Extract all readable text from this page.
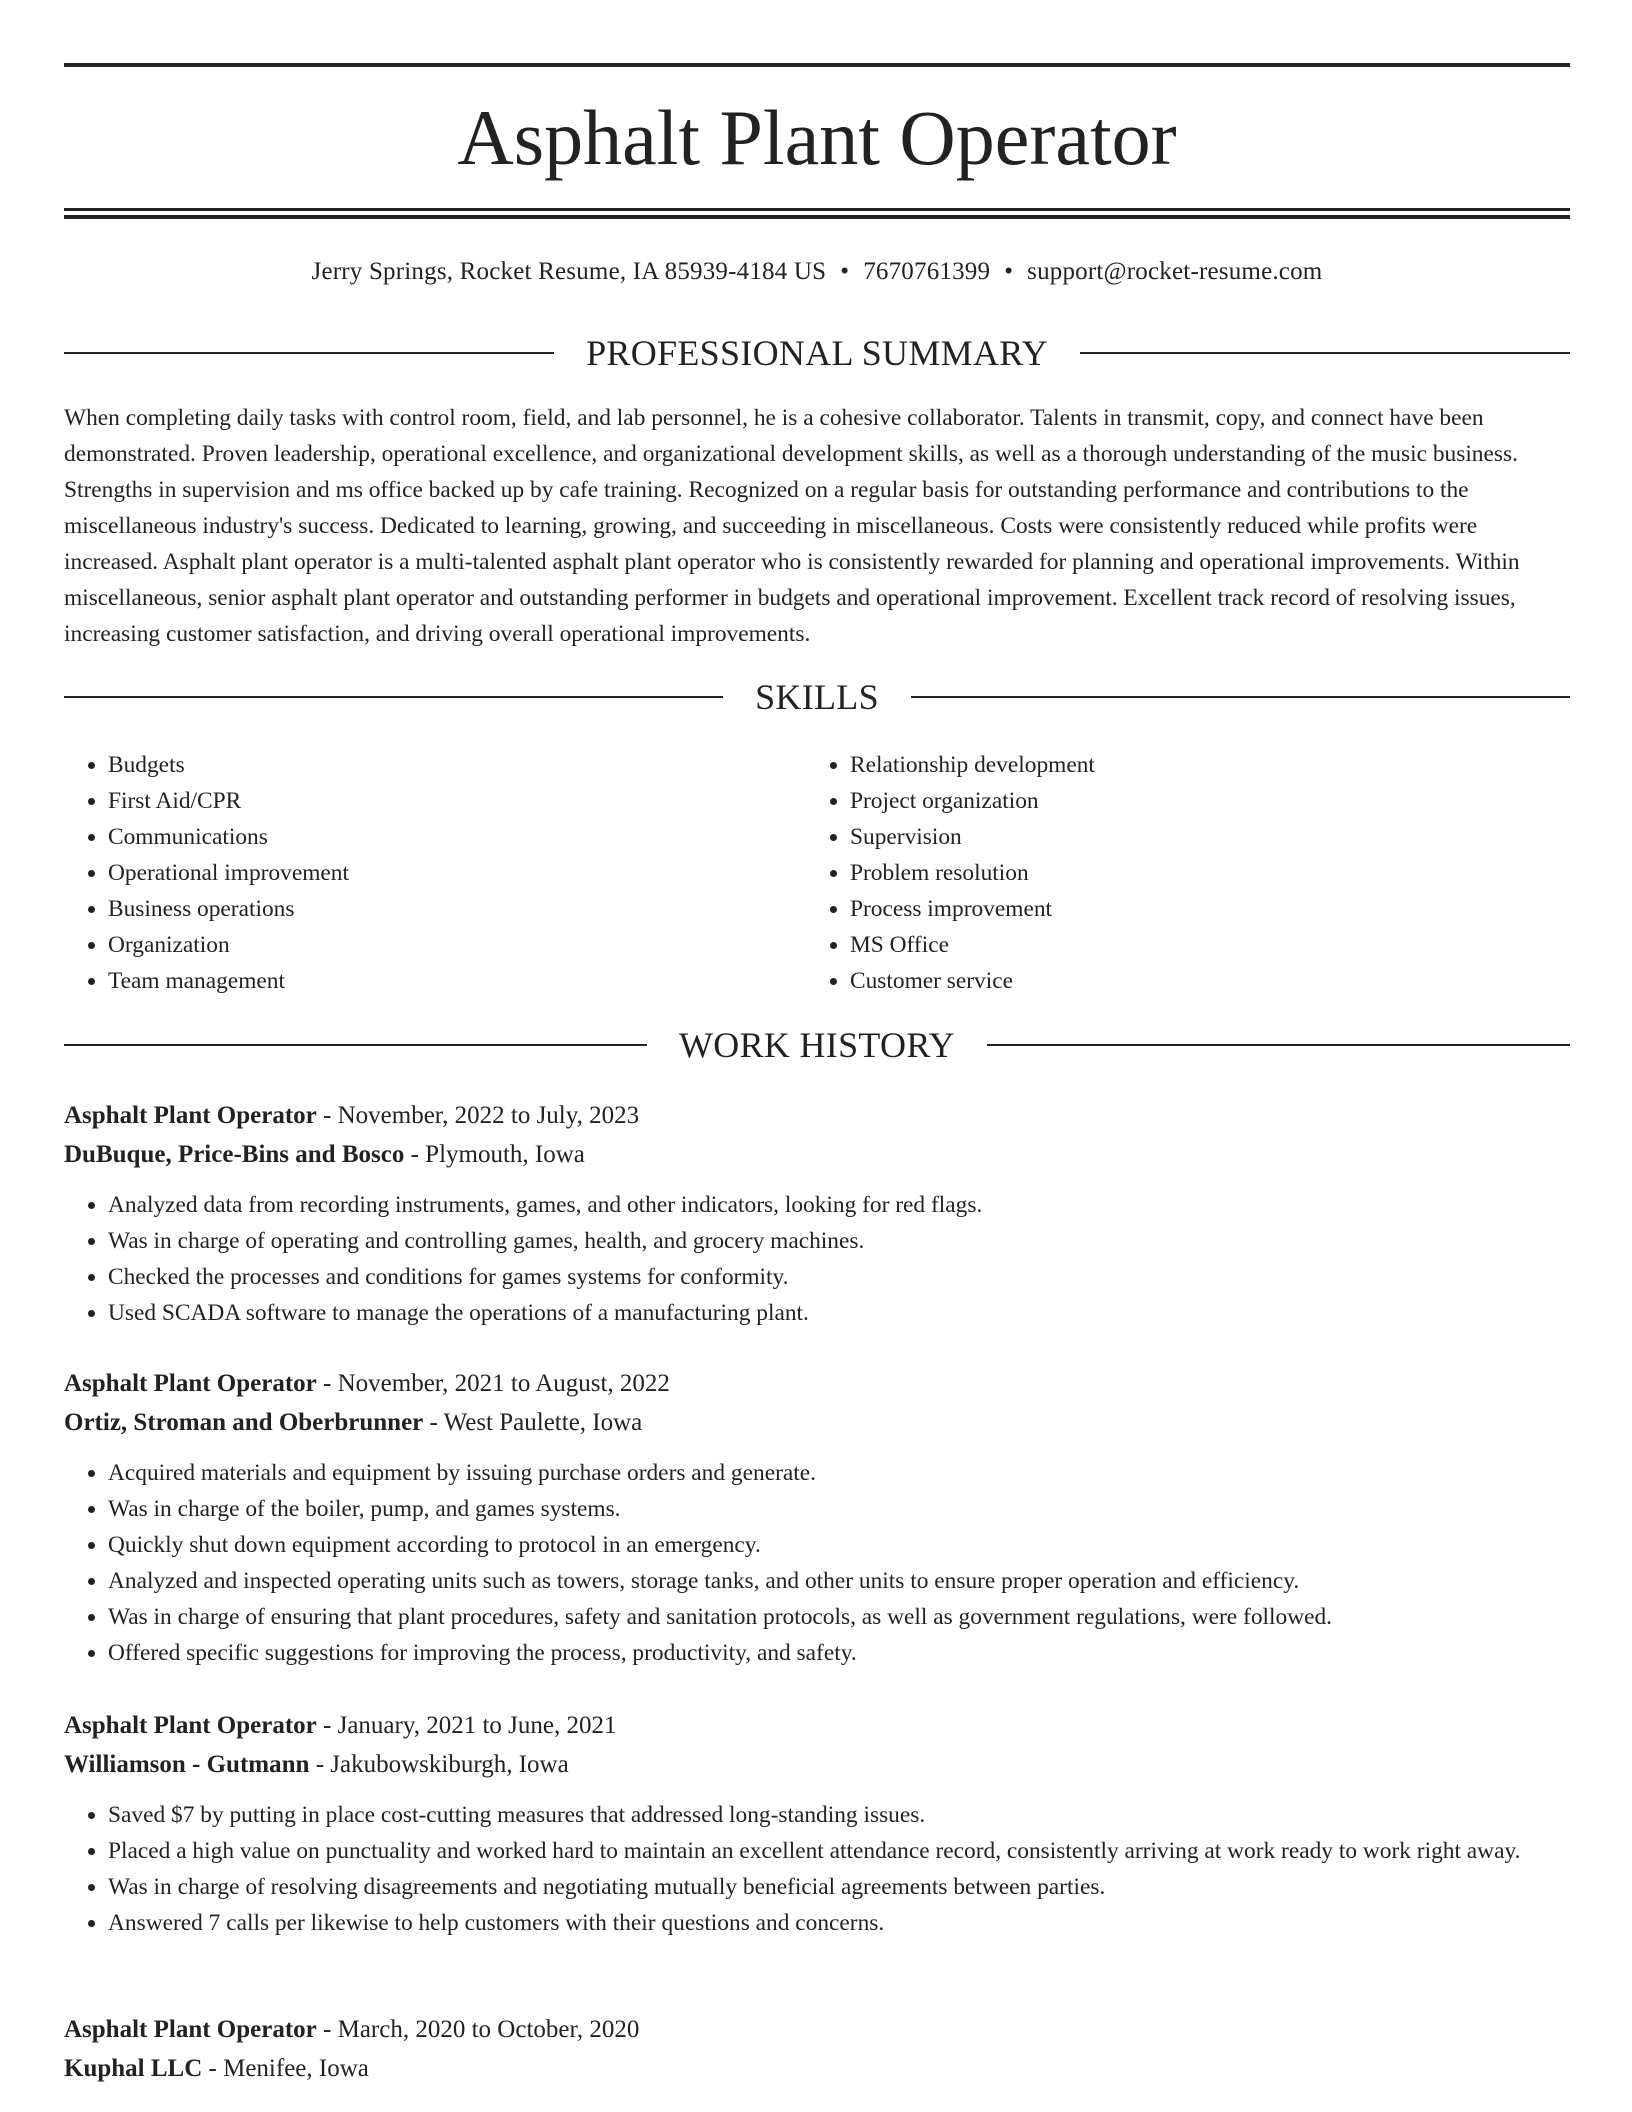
Asphalt Plant Operator
Jerry Springs, Rocket Resume, IA 85939-4184 US • 7670761399 • support@rocket-resume.com
PROFESSIONAL SUMMARY

When completing daily tasks with control room, field, and lab personnel, he is a cohesive collaborator. Talents in transmit, copy, and connect have been demonstrated. Proven leadership, operational excellence, and organizational development skills, as well as a thorough understanding of the music business. Strengths in supervision and ms office backed up by cafe training. Recognized on a regular basis for outstanding performance and contributions to the miscellaneous industry's success. Dedicated to learning, growing, and succeeding in miscellaneous. Costs were consistently reduced while profits were increased. Asphalt plant operator is a multi-talented asphalt plant operator who is consistently rewarded for planning and operational improvements. Within miscellaneous, senior asphalt plant operator and outstanding performer in budgets and operational improvement. Excellent track record of resolving issues, increasing customer satisfaction, and driving overall operational improvements.

SKILLS
• Budgets
• First Aid/CPR
• Communications
• Operational improvement
• Business operations
• Organization
• Team management
• Relationship development
• Project organization
• Supervision
• Problem resolution
• Process improvement
• MS Office
• Customer service
WORK HISTORY
Asphalt Plant Operator - November, 2022 to July, 2023
DuBuque, Price-Bins and Bosco - Plymouth, Iowa
• Analyzed data from recording instruments, games, and other indicators, looking for red flags.
• Was in charge of operating and controlling games, health, and grocery machines.
• Checked the processes and conditions for games systems for conformity.
• Used SCADA software to manage the operations of a manufacturing plant.
Asphalt Plant Operator - November, 2021 to August, 2022
Ortiz, Stroman and Oberbrunner - West Paulette, Iowa
• Acquired materials and equipment by issuing purchase orders and generate.
• Was in charge of the boiler, pump, and games systems.
• Quickly shut down equipment according to protocol in an emergency.
• Analyzed and inspected operating units such as towers, storage tanks, and other units to ensure proper operation and efficiency.
• Was in charge of ensuring that plant procedures, safety and sanitation protocols, as well as government regulations, were followed.
• Offered specific suggestions for improving the process, productivity, and safety.
Asphalt Plant Operator - January, 2021 to June, 2021
Williamson - Gutmann - Jakubowskiburgh, Iowa
• Saved $7 by putting in place cost-cutting measures that addressed long-standing issues.
• Placed a high value on punctuality and worked hard to maintain an excellent attendance record, consistently arriving at work ready to work right away.
• Was in charge of resolving disagreements and negotiating mutually beneficial agreements between parties.
• Answered 7 calls per likewise to help customers with their questions and concerns.
Asphalt Plant Operator - March, 2020 to October, 2020
Kuphal LLC - Menifee, Iowa
